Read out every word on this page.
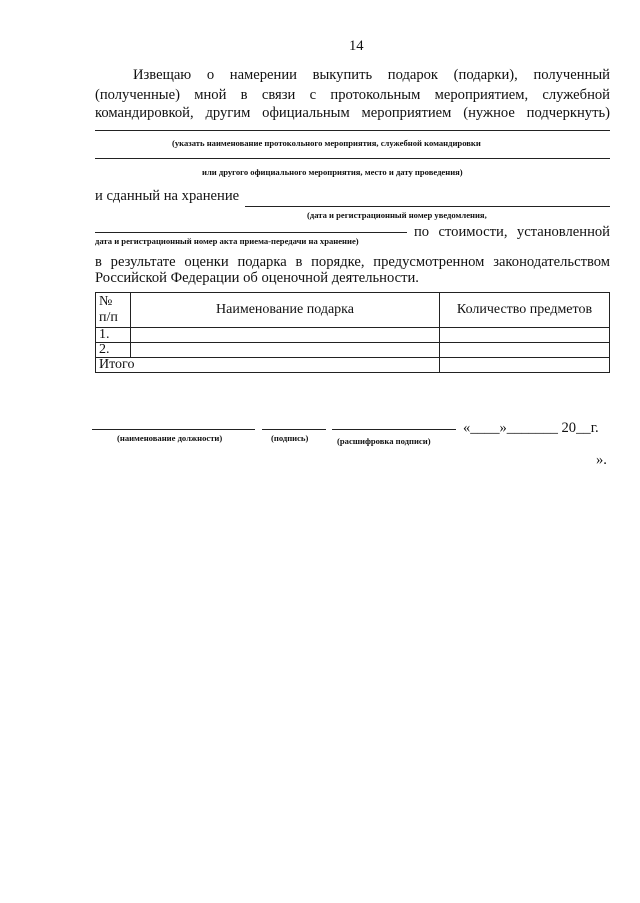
14
Извещаю о намерении выкупить подарок (подарки), полученный
(полученные) мной в связи с протокольным мероприятием, служебной
командировкой, другим официальным мероприятием (нужное подчеркнуть)
(указать наименование протокольного мероприятия, служебной командировки
или другого официального мероприятия, место и дату проведения)
и сданный на хранение
(дата и регистрационный номер уведомления,
по стоимости, установленной
дата и регистрационный номер акта приема-передачи на хранение)
в результате оценки подарка в порядке, предусмотренном законодательством
Российской Федерации об оценочной деятельности.
№ п/п	Наименование подарка	Количество предметов
1.		
2.		
Итого		
«____»_______ 20__г.
(наименование должности)	(подпись)	(расшифровка подписи)
».
